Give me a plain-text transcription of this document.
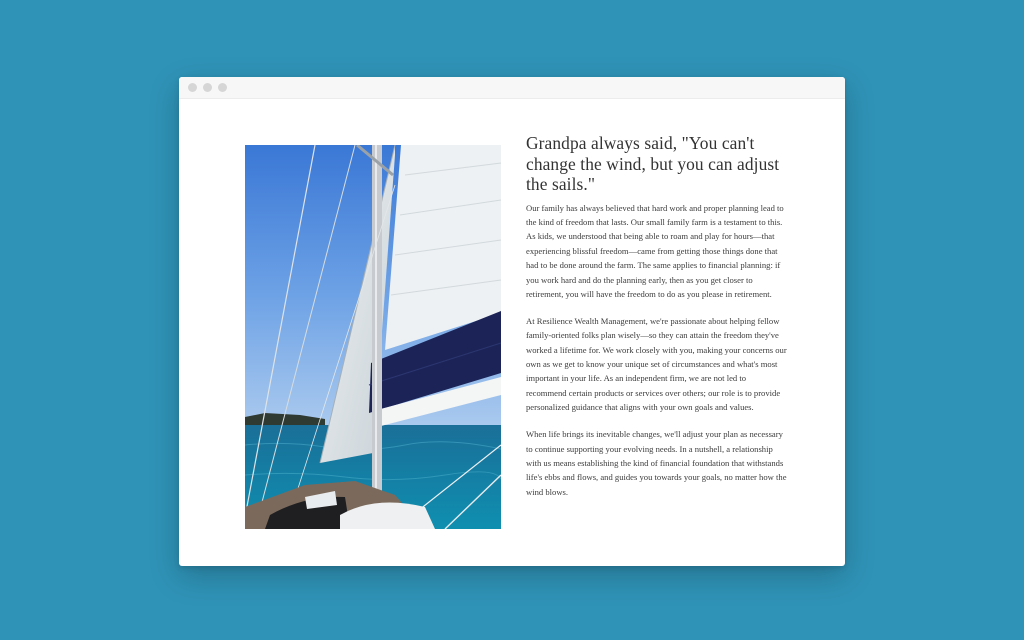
Grandpa always said, "You can't change the wind, but you can adjust the sails."

Our family has always believed that hard work and proper planning lead to the kind of freedom that lasts. Our small family farm is a testament to this. As kids, we understood that being able to roam and play for hours—that experiencing blissful freedom—came from getting those things done that had to be done around the farm. The same applies to financial planning: if you work hard and do the planning early, then as you get closer to retirement, you will have the freedom to do as you please in retirement.

At Resilience Wealth Management, we're passionate about helping fellow family-oriented folks plan wisely—so they can attain the freedom they've worked a lifetime for. We work closely with you, making your concerns our own as we get to know your unique set of circumstances and what's most important in your life. As an independent firm, we are not led to recommend certain products or services over others; our role is to provide personalized guidance that aligns with your own goals and values.

When life brings its inevitable changes, we'll adjust your plan as necessary to continue supporting your evolving needs. In a nutshell, a relationship with us means establishing the kind of financial foundation that withstands life's ebbs and flows, and guides you towards your goals, no matter how the wind blows.
